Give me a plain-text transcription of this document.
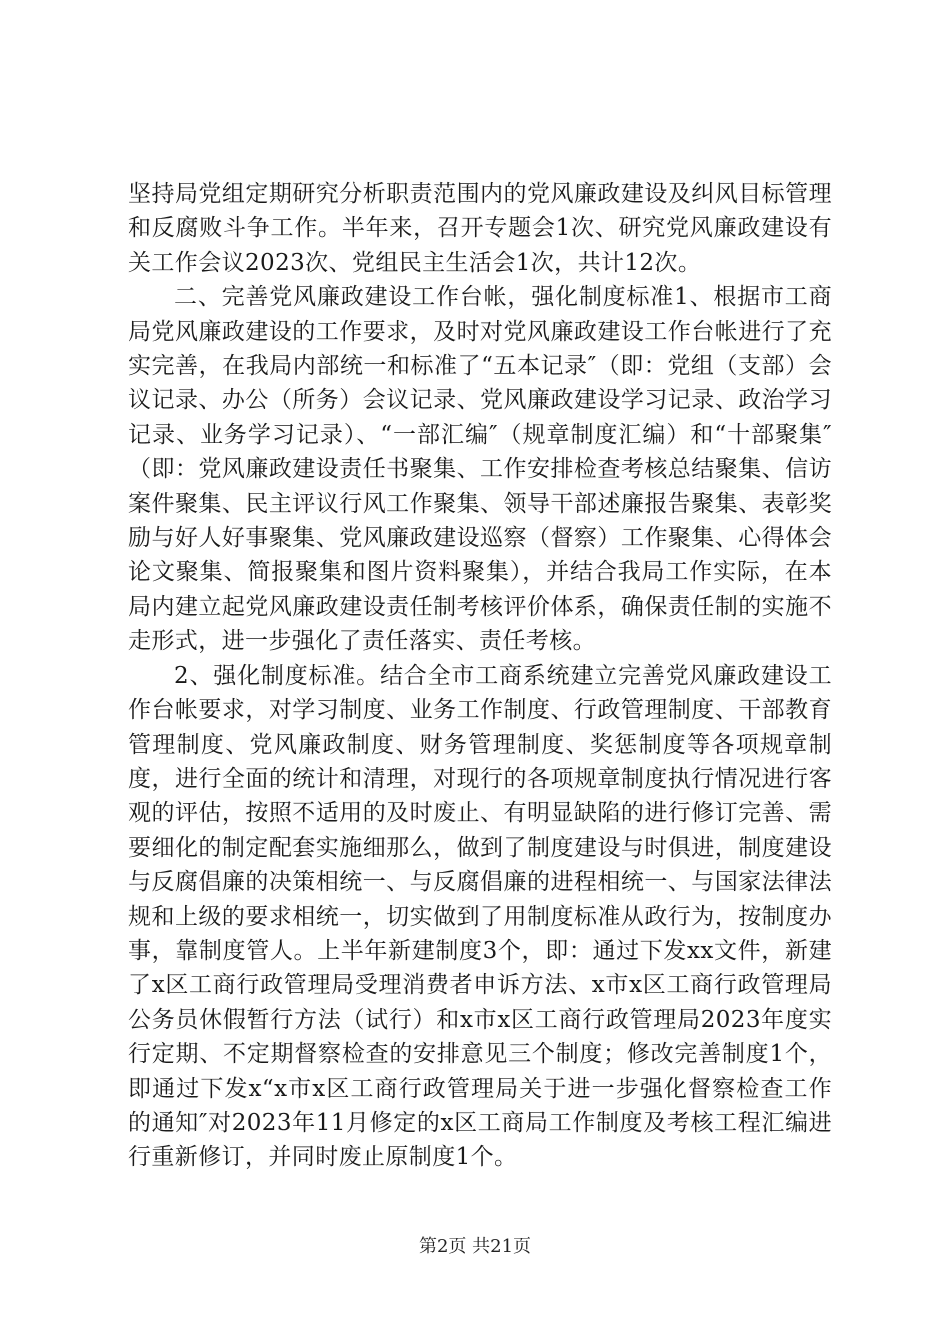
坚持局党组定期研究分析职责范围内的党风廉政建设及纠风目标管理和反腐败斗争工作。半年来，召开专题会1次、研究党风廉政建设有关工作会议2023次、党组民主生活会1次，共计12次。

二、完善党风廉政建设工作台帐，强化制度标准1、根据市工商局党风廉政建设的工作要求，及时对党风廉政建设工作台帐进行了充实完善，在我局内部统一和标准了“五本记录″（即：党组（支部）会议记录、办公（所务）会议记录、党风廉政建设学习记录、政治学习记录、业务学习记录）、“一部汇编″（规章制度汇编）和“十部聚集″（即：党风廉政建设责任书聚集、工作安排检查考核总结聚集、信访案件聚集、民主评议行风工作聚集、领导干部述廉报告聚集、表彰奖励与好人好事聚集、党风廉政建设巡察（督察）工作聚集、心得体会论文聚集、简报聚集和图片资料聚集），并结合我局工作实际，在本局内建立起党风廉政建设责任制考核评价体系，确保责任制的实施不走形式，进一步强化了责任落实、责任考核。

2、强化制度标准。结合全市工商系统建立完善党风廉政建设工作台帐要求，对学习制度、业务工作制度、行政管理制度、干部教育管理制度、党风廉政制度、财务管理制度、奖惩制度等各项规章制度，进行全面的统计和清理，对现行的各项规章制度执行情况进行客观的评估，按照不适用的及时废止、有明显缺陷的进行修订完善、需要细化的制定配套实施细那么，做到了制度建设与时俱进，制度建设与反腐倡廉的决策相统一、与反腐倡廉的进程相统一、与国家法律法规和上级的要求相统一，切实做到了用制度标准从政行为，按制度办事，靠制度管人。上半年新建制度3个，即：通过下发xx文件，新建了x区工商行政管理局受理消费者申诉方法、x市x区工商行政管理局公务员休假暂行方法（试行）和x市x区工商行政管理局2023年度实行定期、不定期督察检查的安排意见三个制度；修改完善制度1个，即通过下发x“x市x区工商行政管理局关于进一步强化督察检查工作的通知″对2023年11月修定的x区工商局工作制度及考核工程汇编进行重新修订，并同时废止原制度1个。

第2页 共21页
